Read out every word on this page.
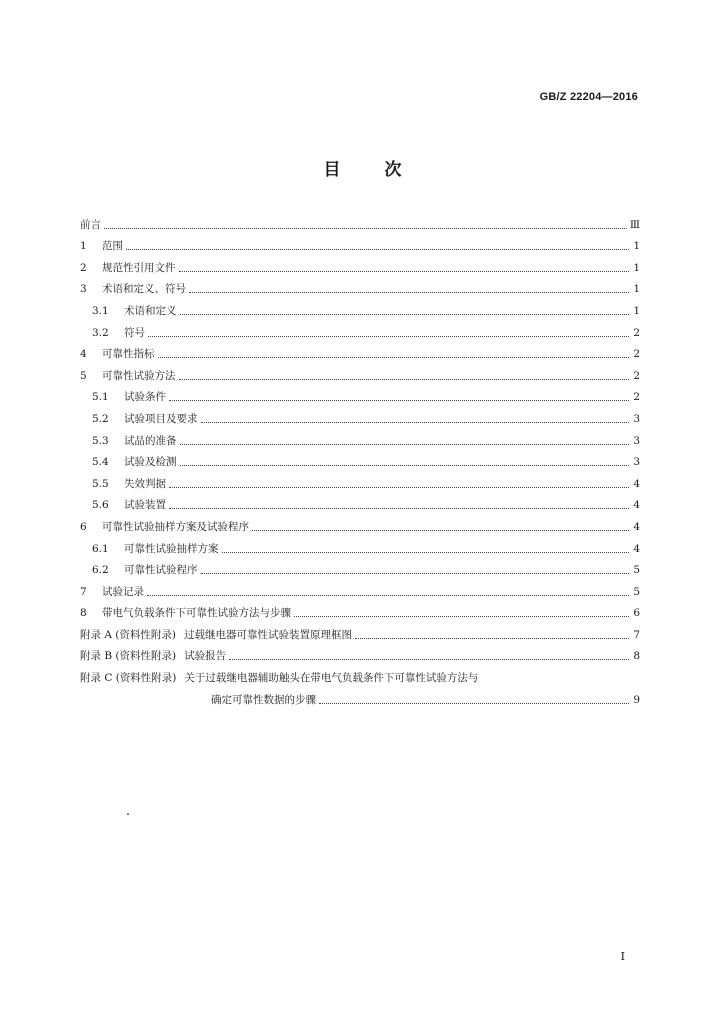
GB/Z 22204—2016
目	次
前言	Ⅲ
1	范围	1
2	规范性引用文件	1
3	术语和定义、符号	1
3.1	术语和定义	1
3.2	符号	2
4	可靠性指标	2
5	可靠性试验方法	2
5.1	试验条件	2
5.2	试验项目及要求	3
5.3	试品的准备	3
5.4	试验及检测	3
5.5	失效判据	4
5.6	试验装置	4
6	可靠性试验抽样方案及试验程序	4
6.1	可靠性试验抽样方案	4
6.2	可靠性试验程序	5
7	试验记录	5
8	带电气负载条件下可靠性试验方法与步骤	6
附录 A (资料性附录) 过载继电器可靠性试验装置原理框图	7
附录 B (资料性附录) 试验报告	8
附录 C (资料性附录) 关于过载继电器辅助触头在带电气负载条件下可靠性试验方法与
确定可靠性数据的步骤	9
I
